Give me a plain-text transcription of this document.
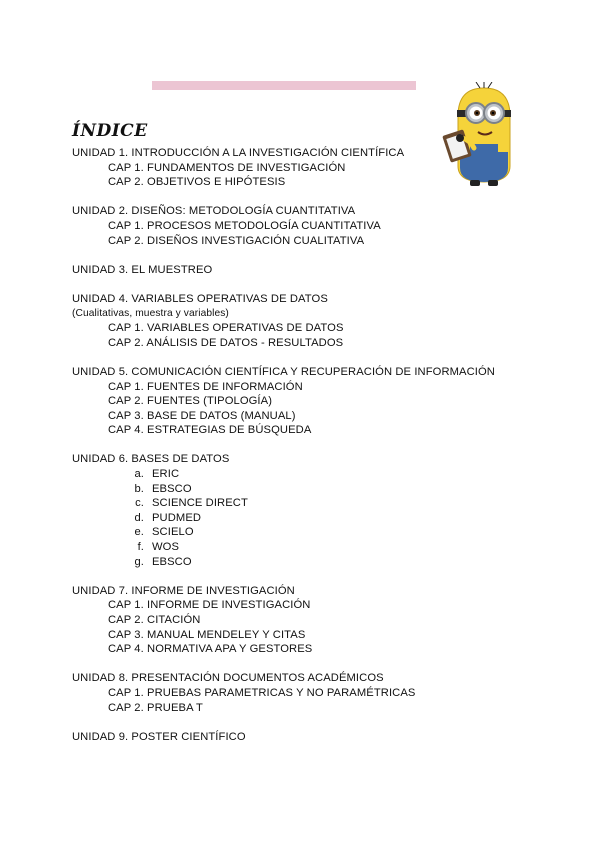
ÍNDICE
UNIDAD 1. INTRODUCCIÓN A LA INVESTIGACIÓN CIENTÍFICA
CAP 1. FUNDAMENTOS DE INVESTIGACIÓN
CAP 2. OBJETIVOS E HIPÓTESIS
UNIDAD 2. DISEÑOS: METODOLOGÍA CUANTITATIVA
CAP 1. PROCESOS METODOLOGÍA CUANTITATIVA
CAP 2. DISEÑOS INVESTIGACIÓN CUALITATIVA
UNIDAD 3. EL MUESTREO
UNIDAD 4. VARIABLES OPERATIVAS DE DATOS
(Cualitativas, muestra y variables)
CAP 1. VARIABLES OPERATIVAS DE DATOS
CAP 2. ANÁLISIS DE DATOS - RESULTADOS
UNIDAD 5. COMUNICACIÓN CIENTÍFICA Y RECUPERACIÓN DE INFORMACIÓN
CAP 1. FUENTES DE INFORMACIÓN
CAP 2. FUENTES (TIPOLOGÍA)
CAP 3. BASE DE DATOS (MANUAL)
CAP 4. ESTRATEGIAS DE BÚSQUEDA
UNIDAD 6. BASES DE DATOS
a. ERIC
b. EBSCO
c. SCIENCE DIRECT
d. PUDMED
e. SCIELO
f. WOS
g. EBSCO
UNIDAD 7. INFORME DE INVESTIGACIÓN
CAP 1. INFORME DE INVESTIGACIÓN
CAP 2. CITACIÓN
CAP 3. MANUAL MENDELEY Y CITAS
CAP 4. NORMATIVA APA Y GESTORES
UNIDAD 8. PRESENTACIÓN DOCUMENTOS ACADÉMICOS
CAP 1. PRUEBAS PARAMETRICAS Y NO PARAMÉTRICAS
CAP 2. PRUEBA T
UNIDAD 9. POSTER CIENTÍFICO
